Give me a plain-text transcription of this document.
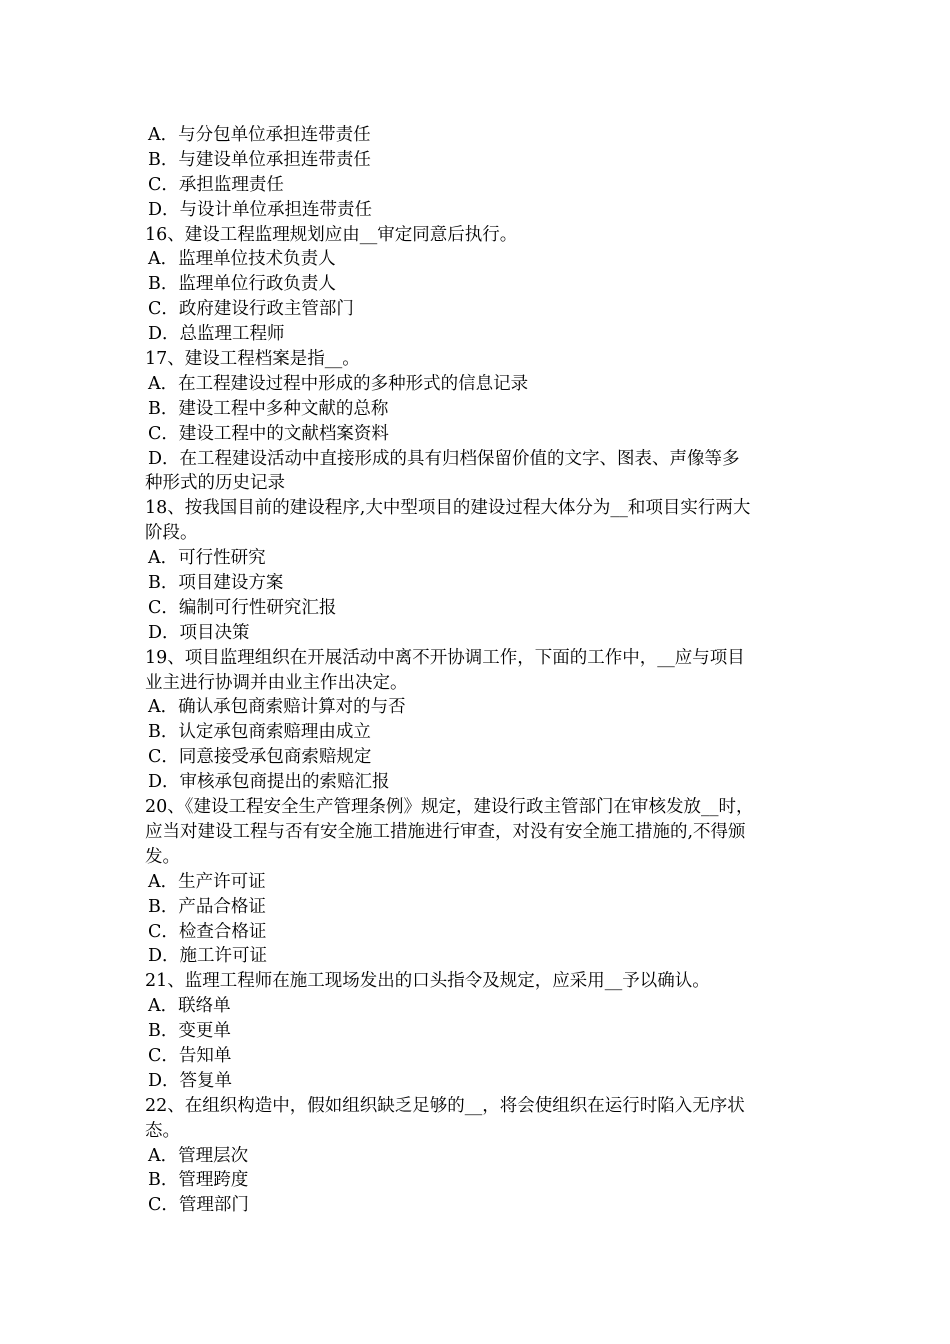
A．与分包单位承担连带责任
B．与建设单位承担连带责任
C．承担监理责任
D．与设计单位承担连带责任
16、建设工程监理规划应由__审定同意后执行。
A．监理单位技术负责人
B．监理单位行政负责人
C．政府建设行政主管部门
D．总监理工程师
17、建设工程档案是指__。
A．在工程建设过程中形成的多种形式的信息记录
B．建设工程中多种文献的总称
C．建设工程中的文献档案资料
D．在工程建设活动中直接形成的具有归档保留价值的文字、图表、声像等多
种形式的历史记录
18、按我国目前的建设程序,大中型项目的建设过程大体分为__和项目实行两大
阶段。
A．可行性研究
B．项目建设方案
C．编制可行性研究汇报
D．项目决策
19、项目监理组织在开展活动中离不开协调工作，下面的工作中，__应与项目
业主进行协调并由业主作出决定。
A．确认承包商索赔计算对的与否
B．认定承包商索赔理由成立
C．同意接受承包商索赔规定
D．审核承包商提出的索赔汇报
20、《建设工程安全生产管理条例》规定，建设行政主管部门在审核发放__时，
应当对建设工程与否有安全施工措施进行审查，对没有安全施工措施的,不得颁
发。
A．生产许可证
B．产品合格证
C．检查合格证
D．施工许可证
21、监理工程师在施工现场发出的口头指令及规定，应采用__予以确认。
A．联络单
B．变更单
C．告知单
D．答复单
22、在组织构造中，假如组织缺乏足够的__，将会使组织在运行时陷入无序状
态。
A．管理层次
B．管理跨度
C．管理部门
